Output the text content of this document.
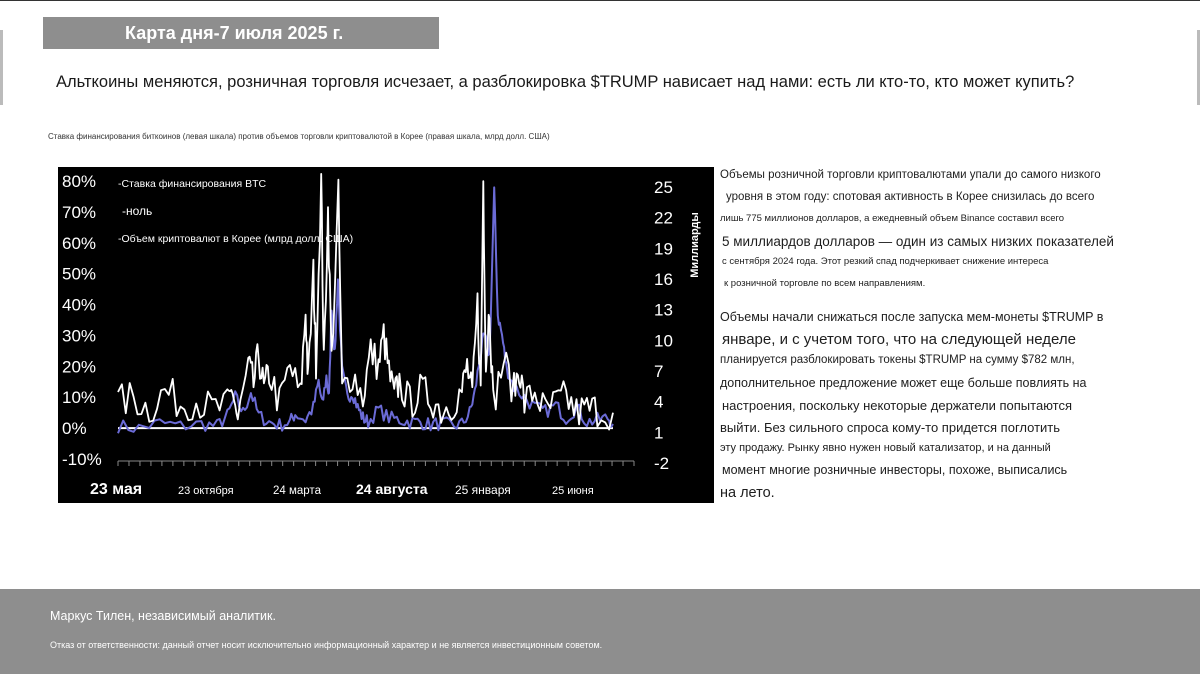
Карта дня-7 июля 2025 г.
Альткоины меняются, розничная торговля исчезает, а разблокировка $TRUMP нависает над нами: есть ли кто-то, кто может купить?
Ставка финансирования биткоинов (левая шкала) против объемов торговли криптовалютой в Корее (правая шкала, млрд долл. США)
80%
70%
60%
50%
40%
30%
20%
10%
0%
-10%
25
22
19
16
13
10
7
4
1
-2
Миллиарды
23 мая	23 октября	24 марта	24 августа 25 января	25 июня
-Ставка финансирования BTC
-ноль
-Объем криптовалют в Корее (млрд долл. США)
Объемы розничной торговли криптовалютами упали до самого низкого
уровня в этом году: спотовая активность в Корее снизилась до всего
лишь 775 миллионов долларов, а ежедневный объем Binance составил всего
5 миллиардов долларов — один из самых низких показателей
с сентября 2024 года. Этот резкий спад подчеркивает снижение интереса
к розничной торговле по всем направлениям.
Объемы начали снижаться после запуска мем-монеты $TRUMP в
январе, и с учетом того, что на следующей неделе
планируется разблокировать токены $TRUMP на сумму $782 млн,
дополнительное предложение может еще больше повлиять на
настроения, поскольку некоторые держатели попытаются
выйти. Без сильного спроса кому-то придется поглотить
эту продажу. Рынку явно нужен новый катализатор, и на данный
момент многие розничные инвесторы, похоже, выписались
на лето.
Маркус Тилен, независимый аналитик.
Отказ от ответственности: данный отчет носит исключительно информационный характер и не является инвестиционным советом.
